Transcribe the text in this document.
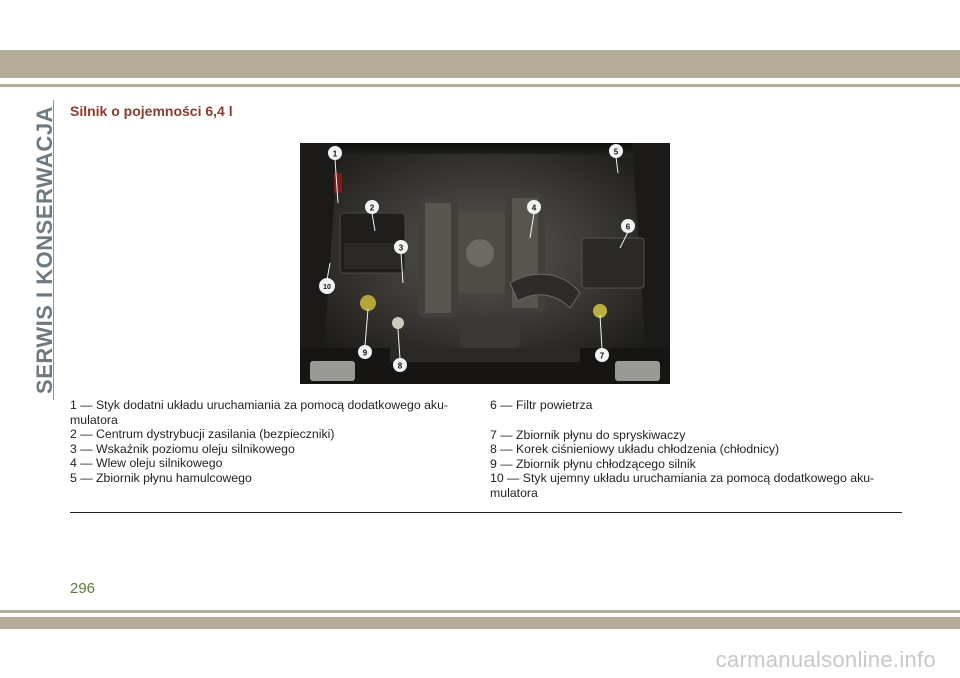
SERWIS I KONSERWACJA Silnik o pojemności 6,4 l
1
2
3
4
5
6
7
8
9
10

1 — Styk dodatni układu uruchamiania za pomocą dodatkowego aku-mulatora

2 — Centrum dystrybucji zasilania (bezpieczniki)

3 — Wskaźnik poziomu oleju silnikowego

4 — Wlew oleju silnikowego

5 — Zbiornik płynu hamulcowego

6 — Filtr powietrza

7 — Zbiornik płynu do spryskiwaczy

8 — Korek ciśnieniowy układu chłodzenia (chłodnicy)

9 — Zbiornik płynu chłodzącego silnik

10 — Styk ujemny układu uruchamiania za pomocą dodatkowego aku-mulatora

296
carmanualsonline.info
